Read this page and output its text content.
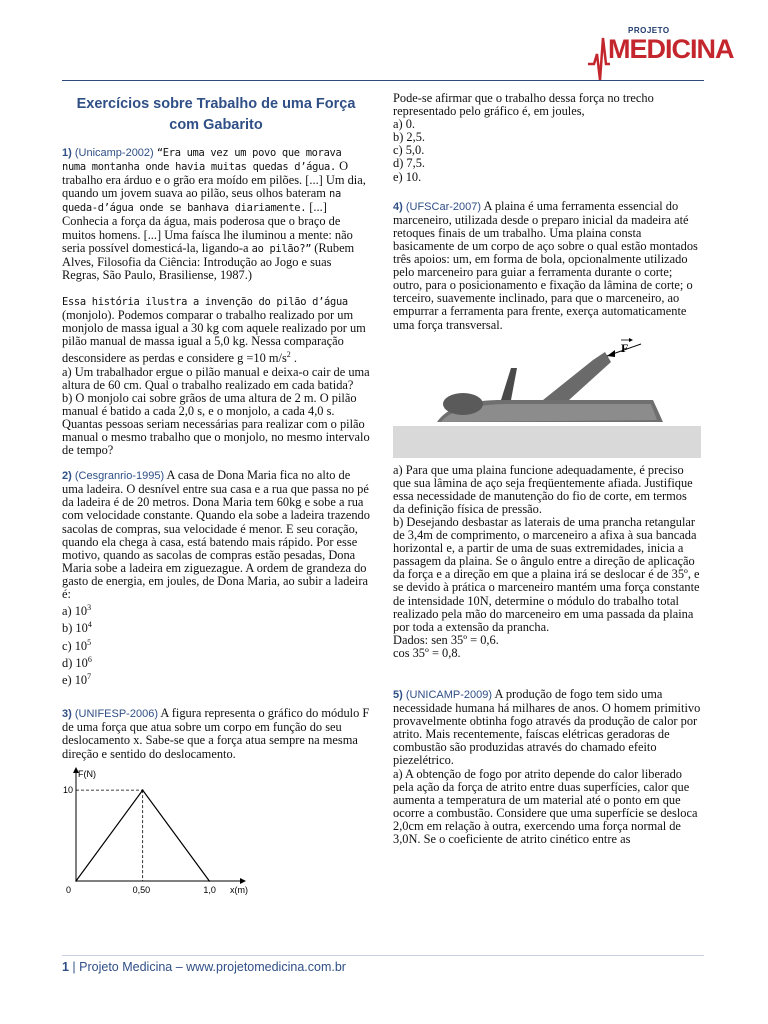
PROJETO
MEDICINA
Exercícios sobre Trabalho de uma Força com Gabarito

1) (Unicamp-2002) “Era uma vez um povo que morava numa montanha onde havia muitas quedas d’água. O trabalho era árduo e o grão era moído em pilões. [...] Um dia, quando um jovem suava ao pilão, seus olhos bateram na queda-d’água onde se banhava diariamente. [...] Conhecia a força da água, mais poderosa que o braço de muitos homens. [...] Uma faísca lhe iluminou a mente: não seria possível domesticá-la, ligando-a ao pilão?” (Rubem Alves, Filosofia da Ciência: Introdução ao Jogo e suas Regras, São Paulo, Brasiliense, 1987.)

Essa história ilustra a invenção do pilão d’água (monjolo). Podemos comparar o trabalho realizado por um monjolo de massa igual a 30 kg com aquele realizado por um pilão manual de massa igual a 5,0 kg. Nessa comparação desconsidere as perdas e considere g =10 $m/s^2$ .

a) Um trabalhador ergue o pilão manual e deixa-o cair de uma altura de 60 cm. Qual o trabalho realizado em cada batida?

b) O monjolo cai sobre grãos de uma altura de 2 m. O pilão manual é batido a cada 2,0 s, e o monjolo, a cada 4,0 s. Quantas pessoas seriam necessárias para realizar com o pilão manual o mesmo trabalho que o monjolo, no mesmo intervalo de tempo?

2) (Cesgranrio-1995) A casa de Dona Maria fica no alto de uma ladeira. O desnível entre sua casa e a rua que passa no pé da ladeira é de 20 metros. Dona Maria tem 60kg e sobe a rua com velocidade constante. Quando ela sobe a ladeira trazendo sacolas de compras, sua velocidade é menor. E seu coração, quando ela chega à casa, está batendo mais rápido. Por esse motivo, quando as sacolas de compras estão pesadas, Dona Maria sobe a ladeira em ziguezague. A ordem de grandeza do gasto de energia, em joules, de Dona Maria, ao subir a ladeira é:

a) $10^3$
b) $10^4$
c) $10^5$
d) $10^6$
e) $10^7$

3) (UNIFESP-2006) A figura representa o gráfico do módulo F de uma força que atua sobre um corpo em função do seu deslocamento x. Sabe-se que a força atua sempre na mesma direção e sentido do deslocamento.

F(N)
x(m)
0
10
0,50	1,0

Pode-se afirmar que o trabalho dessa força no trecho representado pelo gráfico é, em joules,

a) 0.
b) 2,5.
c) 5,0.
d) 7,5.
e) 10.

4) (UFSCar-2007) A plaina é uma ferramenta essencial do marceneiro, utilizada desde o preparo inicial da madeira até retoques finais de um trabalho. Uma plaina consta basicamente de um corpo de aço sobre o qual estão montados três apoios: um, em forma de bola, opcionalmente utilizado pelo marceneiro para guiar a ferramenta durante o corte; outro, para o posicionamento e fixação da lâmina de corte; o terceiro, suavemente inclinado, para que o marceneiro, ao empurrar a ferramenta para frente, exerça automaticamente uma força transversal.

F

a) Para que uma plaina funcione adequadamente, é preciso que sua lâmina de aço seja freqüentemente afiada. Justifique essa necessidade de manutenção do fio de corte, em termos da definição física de pressão.

b) Desejando desbastar as laterais de uma prancha retangular de 3,4m de comprimento, o marceneiro a afixa à sua bancada horizontal e, a partir de uma de suas extremidades, inicia a passagem da plaina. Se o ângulo entre a direção de aplicação da força e a direção em que a plaina irá se deslocar é de 35º, e se devido à prática o marceneiro mantém uma força constante de intensidade 10N, determine o módulo do trabalho total realizado pela mão do marceneiro em uma passada da plaina por toda a extensão da prancha.

Dados: sen 35º = 0,6.

cos 35º = 0,8.

5) (UNICAMP-2009) A produção de fogo tem sido uma necessidade humana há milhares de anos. O homem primitivo provavelmente obtinha fogo através da produção de calor por atrito. Mais recentemente, faíscas elétricas geradoras de combustão são produzidas através do chamado efeito piezelétrico.

a) A obtenção de fogo por atrito depende do calor liberado pela ação da força de atrito entre duas superfícies, calor que aumenta a temperatura de um material até o ponto em que ocorre a combustão. Considere que uma superfície se desloca 2,0cm em relação à outra, exercendo uma força normal de 3,0N. Se o coeficiente de atrito cinético entre as

1 | Projeto Medicina – www.projetomedicina.com.br
